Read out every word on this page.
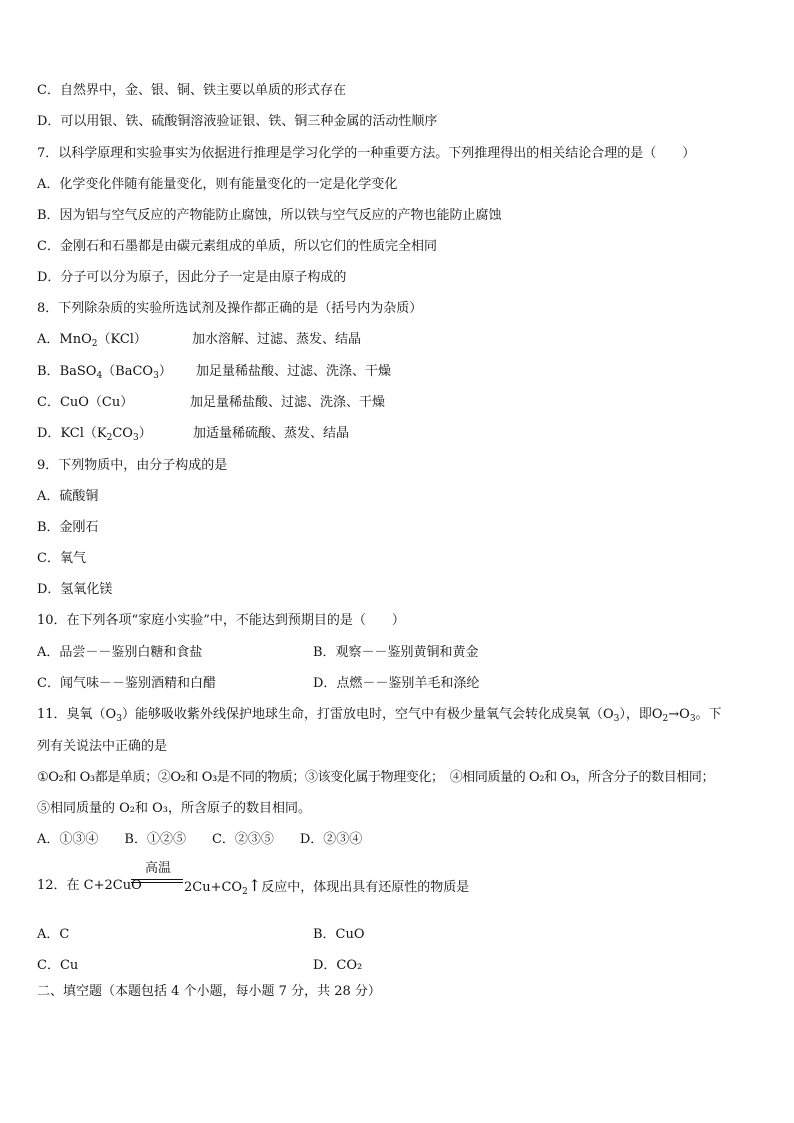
C．自然界中，金、银、铜、铁主要以单质的形式存在
D．可以用银、铁、硫酸铜溶液验证银、铁、铜三种金属的活动性顺序
7．以科学原理和实验事实为依据进行推理是学习化学的一种重要方法。下列推理得出的相关结论合理的是（　　）
A．化学变化伴随有能量变化，则有能量变化的一定是化学变化
B．因为铝与空气反应的产物能防止腐蚀，所以铁与空气反应的产物也能防止腐蚀
C．金刚石和石墨都是由碳元素组成的单质，所以它们的性质完全相同
D．分子可以分为原子，因此分子一定是由原子构成的
8．下列除杂质的实验所选试剂及操作都正确的是（括号内为杂质）
A．MnO$_2$（KCl）	加水溶解、过滤、蒸发、结晶
B．BaSO$_4$（BaCO$_3$） 加足量稀盐酸、过滤、洗涤、干燥
C．CuO（Cu）	加足量稀盐酸、过滤、洗涤、干燥
D．$KCl(K_2CO_3)$	加适量稀硫酸、蒸发、结晶
9．下列物质中，由分子构成的是
A．硫酸铜
B．金刚石
C．氧气
D．氢氧化镁
10．在下列各项“家庭小实验”中，不能达到预期目的是（　　）
A．品尝－－鉴别白糖和食盐	B．观察－－鉴别黄铜和黄金
C．闻气味－－鉴别酒精和白醋	D．点燃－－鉴别羊毛和涤纶
11．臭氧$(O_3)$能够吸收紫外线保护地球生命，打雷放电时，空气中有极少量氧气会转化成臭氧$(O_3)$，即$O_2\to O_3$。下
列有关说法中正确的是
①O₂和 O₃都是单质；②O₂和 O₃是不同的物质；③该变化属于物理变化；　④相同质量的 O₂和 O₃，所含分子的数目相同；
⑤相同质量的 O₂和 O₃，所含原子的数目相同。
A．①③④　　B．①②⑤　　C．②③⑤　　D．②③④
12．在 C+2CuO
高温
$2Cu+CO_2↑$反应中，体现出具有还原性的物质是
A．C	B．CuO
C．Cu	D．CO₂
二、填空题（本题包括 4 个小题，每小题 7 分，共 28 分）
